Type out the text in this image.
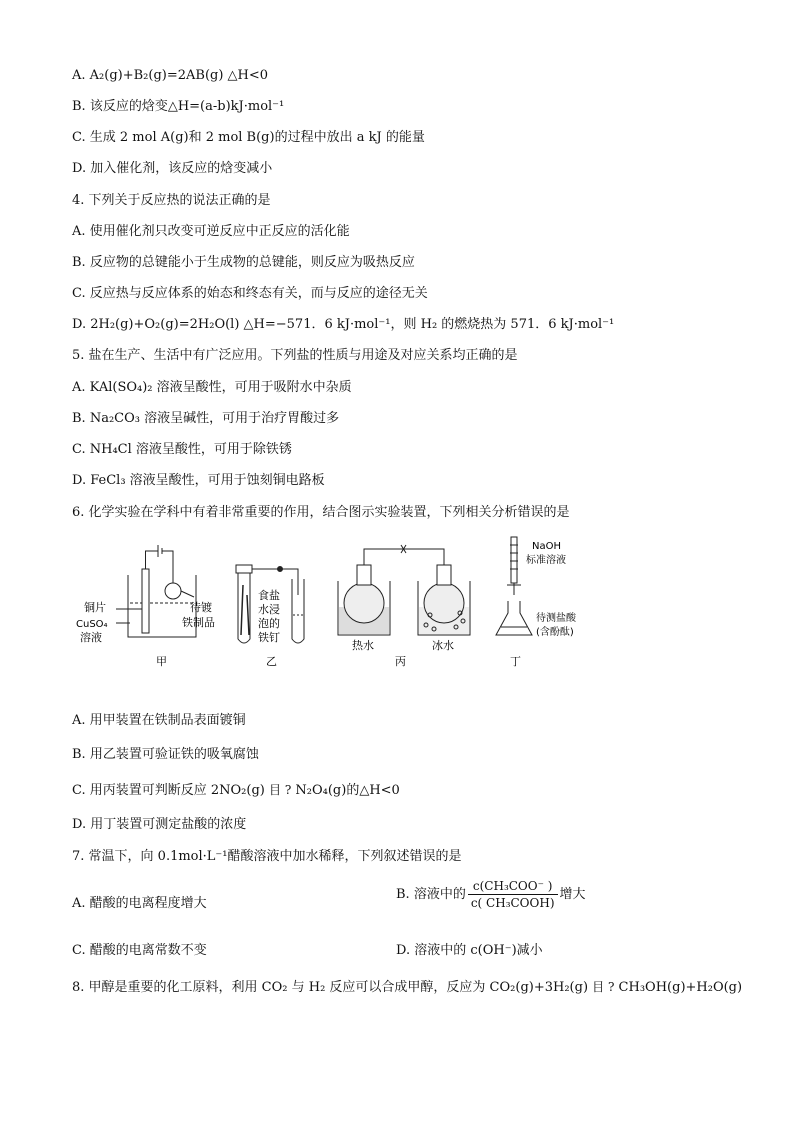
A. A₂(g)+B₂(g)=2AB(g) △H<0
B. 该反应的焓变△H=(a-b)kJ·mol⁻¹
C. 生成 2 mol A(g)和 2 mol B(g)的过程中放出 a kJ 的能量
D. 加入催化剂，该反应的焓变减小
4. 下列关于反应热的说法正确的是
A. 使用催化剂只改变可逆反应中正反应的活化能
B. 反应物的总键能小于生成物的总键能，则反应为吸热反应
C. 反应热与反应体系的始态和终态有关，而与反应的途径无关
D. 2H₂(g)+O₂(g)=2H₂O(l) △H=−571．6 kJ·mol⁻¹，则 H₂ 的燃烧热为 571．6 kJ·mol⁻¹
5. 盐在生产、生活中有广泛应用。下列盐的性质与用途及对应关系均正确的是
A. KAl(SO₄)₂ 溶液呈酸性，可用于吸附水中杂质
B. Na₂CO₃ 溶液呈碱性，可用于治疗胃酸过多
C. NH₄Cl 溶液呈酸性，可用于除铁锈
D. FeCl₃ 溶液呈酸性，可用于蚀刻铜电路板
6. 化学实验在学科中有着非常重要的作用，结合图示实验装置，下列相关分析错误的是
铜片
CuSO₄
溶液
待镀
铁制品
甲
食盐
水浸
泡的
铁钉
乙
热水	冰水
丙
NaOH
标准溶液
待测盐酸
(含酚酞)
丁
A. 用甲装置在铁制品表面镀铜
B. 用乙装置可验证铁的吸氧腐蚀
C. 用丙装置可判断反应 2NO₂(g) 目 ? N₂O₄(g)的△H<0
D. 用丁装置可测定盐酸的浓度
7. 常温下，向 0.1mol·L⁻¹醋酸溶液中加水稀释，下列叙述错误的是
A. 醋酸的电离程度增大
B. 溶液中的 $\frac{\text{c(CH₃COO⁻ )}}{\text{c( CH₃COOH)}}$ 增大
C. 醋酸的电离常数不变	D. 溶液中的 c(OH⁻)减小
8. 甲醇是重要的化工原料，利用 CO₂ 与 H₂ 反应可以合成甲醇，反应为 CO₂(g)+3H₂(g) 目 ? CH₃OH(g)+H₂O(g)
